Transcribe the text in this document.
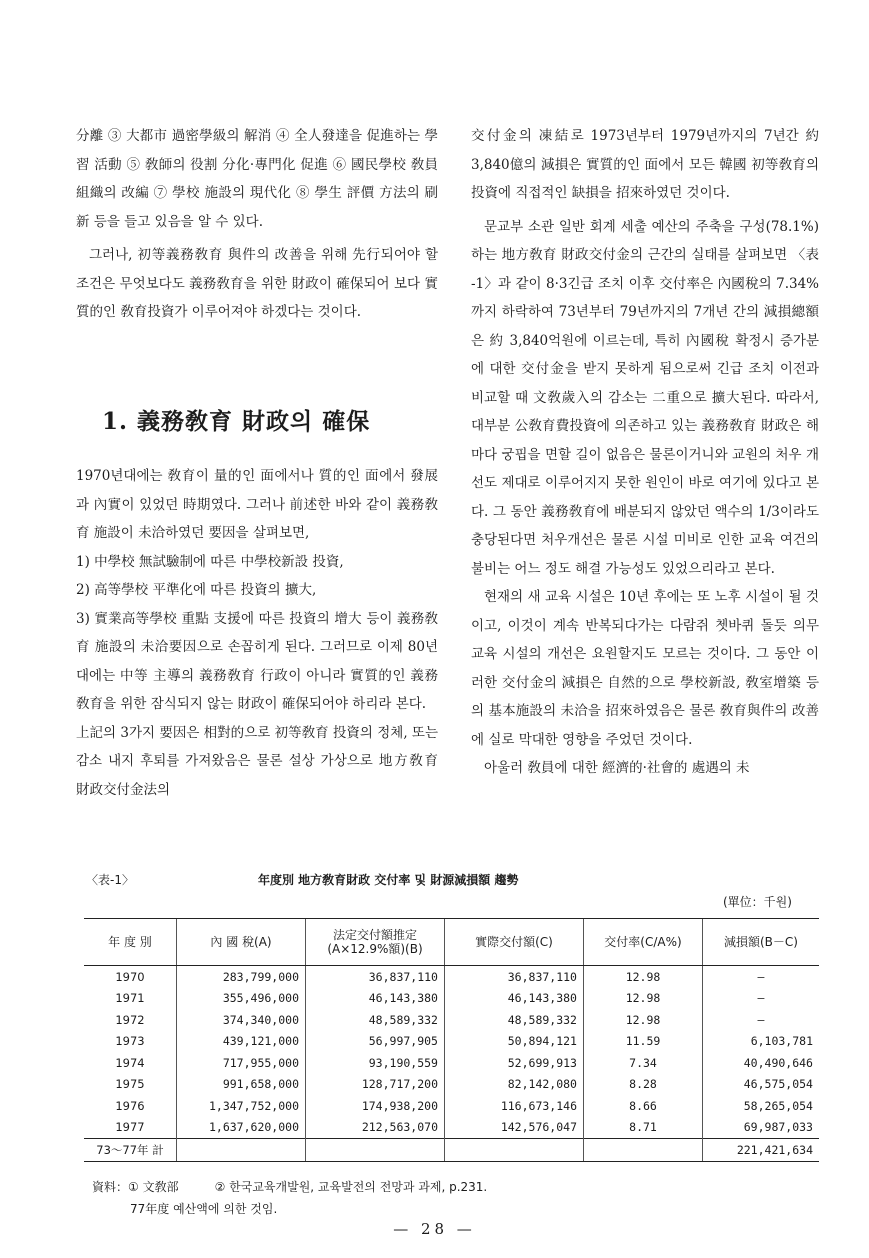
分離 ③ 大都市 過密學級의 解消 ④ 全人發達을 促進하는 學習 活動 ⑤ 敎師의 役割 分化·專門化 促進 ⑥ 國民學校 敎員 組織의 改編 ⑦ 學校 施設의 現代化 ⑧ 學生 評價 方法의 刷新 등을 들고 있음을 알 수 있다.

그러나, 初等義務敎育 與件의 改善을 위해 先行되어야 할 조건은 무엇보다도 義務敎育을 위한 財政이 確保되어 보다 實質的인 敎育投資가 이루어져야 하겠다는 것이다.

1. 義務敎育 財政의 確保

1970년대에는 敎育이 量的인 面에서나 質的인 面에서 發展과 內實이 있었던 時期였다. 그러나 前述한 바와 같이 義務敎育 施設이 未洽하였던 要因을 살펴보면,

1) 中學校 無試驗制에 따른 中學校新設 投資,

2) 高等學校 平準化에 따른 投資의 擴大,

3) 實業高等學校 重點 支援에 따른 投資의 增大 등이 義務敎育 施設의 未洽要因으로 손꼽히게 된다. 그러므로 이제 80년대에는 中等 主導의 義務敎育 行政이 아니라 實質的인 義務敎育을 위한 잠식되지 않는 財政이 確保되어야 하리라 본다.

上記의 3가지 要因은 相對的으로 初等敎育 投資의 정체, 또는 감소 내지 후퇴를 가져왔음은 물론 설상 가상으로 地方敎育 財政交付金法의

交付金의 凍結로 1973년부터 1979년까지의 7년간 約 3,840億의 減損은 實質的인 面에서 모든 韓國 初等敎育의 投資에 직접적인 缺損을 招來하였던 것이다.

문교부 소관 일반 회계 세출 예산의 주축을 구성(78.1%)하는 地方敎育 財政交付金의 근간의 실태를 살펴보면 〈表 -1〉과 같이 8·3긴급 조치 이후 交付率은 內國稅의 7.34%까지 하락하여 73년부터 79년까지의 7개년 간의 減損總額은 約 3,840억원에 이르는데, 특히 內國稅 확정시 증가분에 대한 交付金을 받지 못하게 됨으로써 긴급 조치 이전과 비교할 때 文敎歲入의 감소는 二重으로 擴大된다. 따라서, 대부분 公敎育費投資에 의존하고 있는 義務敎育 財政은 해마다 궁핍을 면할 길이 없음은 물론이거니와 교원의 처우 개선도 제대로 이루어지지 못한 원인이 바로 여기에 있다고 본다. 그 동안 義務敎育에 배분되지 않았던 액수의 1/3이라도 충당된다면 처우개선은 물론 시설 미비로 인한 교육 여건의 불비는 어느 정도 해결 가능성도 있었으리라고 본다.

현재의 새 교육 시설은 10년 후에는 또 노후 시설이 될 것이고, 이것이 계속 반복되다가는 다람쥐 쳇바퀴 돌듯 의무 교육 시설의 개선은 요원할지도 모르는 것이다. 그 동안 이러한 交付金의 減損은 自然的으로 學校新設, 敎室增築 등의 基本施設의 未洽을 招來하였음은 물론 敎育與件의 改善에 실로 막대한 영향을 주었던 것이다.

아울러 敎員에 대한 經濟的·社會的 處遇의 未

〈表-1〉	年度別 地方敎育財政 交付率 및 財源減損額 趨勢
(單位：千원)
年 度 別	內 國 稅(A)	法定交付額推定 (A×12.9%額)(B)	實際交付額(C)	交付率(C/A%)	減損額(B－C)
1970	283,799,000	36,837,110	36,837,110	12.98	—
1971	355,496,000	46,143,380	46,143,380	12.98	—
1972	374,340,000	48,589,332	48,589,332	12.98	—
1973	439,121,000	56,997,905	50,894,121	11.59	6,103,781
1974	717,955,000	93,190,559	52,699,913	7.34	40,490,646
1975	991,658,000	128,717,200	82,142,080	8.28	46,575,054
1976	1,347,752,000	174,938,200	116,673,146	8.66	58,265,054
1977	1,637,620,000	212,563,070	142,576,047	8.71	69,987,033
73～77年 計					221,421,634
資料：① 文敎部　　　② 한국교육개발원, 교육발전의 전망과 과제, p.231.
77年度 예산액에 의한 것임.
— 28 —
